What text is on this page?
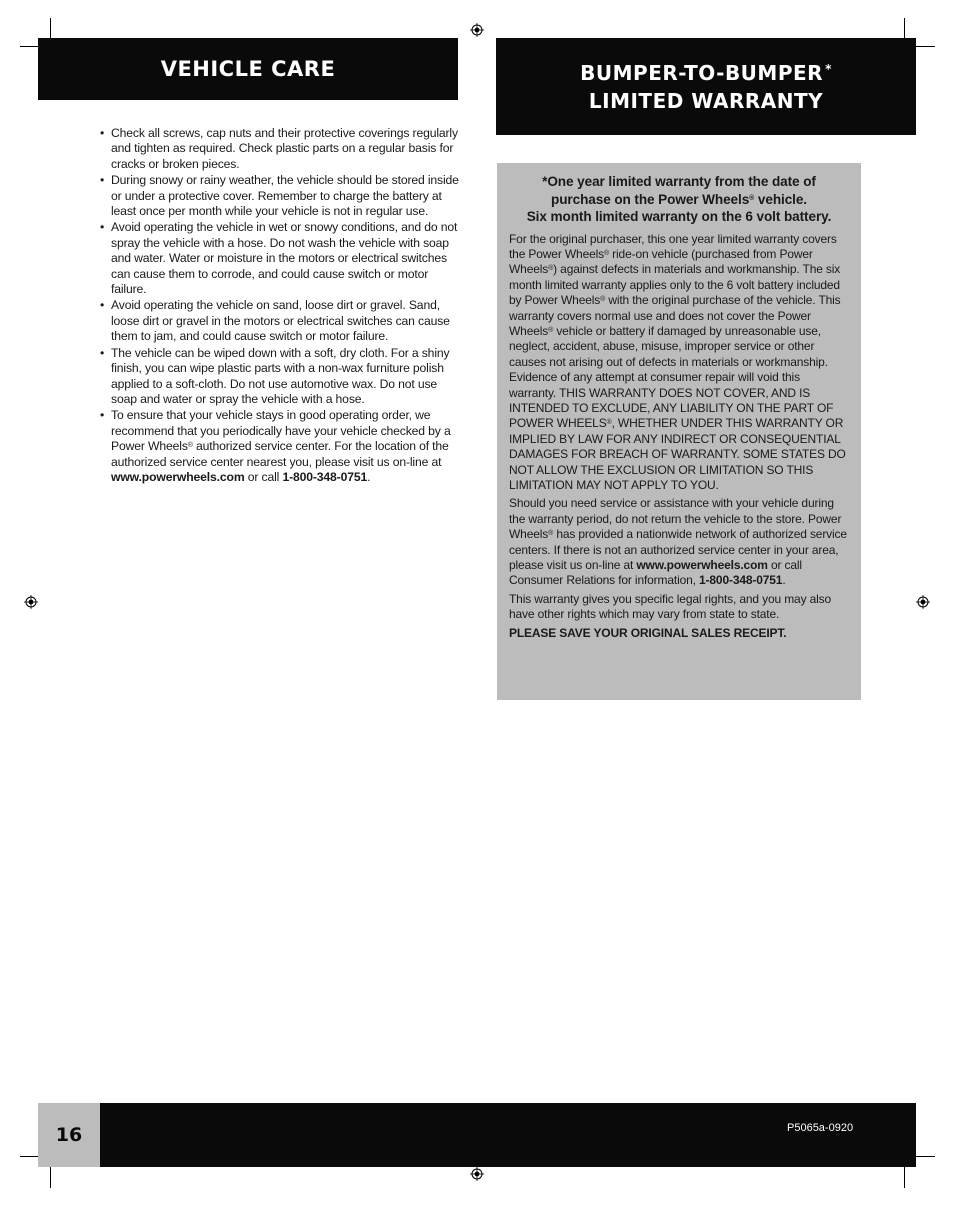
VEHICLE CARE	BUMPER-TO-BUMPER *
LIMITED WARRANTY
• Check all screws, cap nuts and their protective coverings regularly and tighten as required. Check plastic parts on a regular basis for cracks or broken pieces.
• During snowy or rainy weather, the vehicle should be stored inside or under a protective cover. Remember to charge the battery at least once per month while your vehicle is not in regular use.
• Avoid operating the vehicle in wet or snowy conditions, and do not spray the vehicle with a hose. Do not wash the vehicle with soap and water. Water or moisture in the motors or electrical switches can cause them to corrode, and could cause switch or motor failure.
• Avoid operating the vehicle on sand, loose dirt or gravel. Sand, loose dirt or gravel in the motors or electrical switches can cause them to jam, and could cause switch or motor failure.
• The vehicle can be wiped down with a soft, dry cloth. For a shiny finish, you can wipe plastic parts with a non-wax furniture polish applied to a soft-cloth. Do not use automotive wax. Do not use soap and water or spray the vehicle with a hose.
• To ensure that your vehicle stays in good operating order, we recommend that you periodically have your vehicle checked by a Power Wheels® authorized service center. For the location of the authorized service center nearest you, please visit us on-line at www.powerwheels.com or call 1-800-348-0751.
*One year limited warranty from the date of
purchase on the Power Wheels® vehicle.
Six month limited warranty on the 6 volt battery.

For the original purchaser, this one year limited warranty covers the Power Wheels® ride-on vehicle (purchased from Power Wheels®) against defects in materials and workmanship. The six month limited warranty applies only to the 6 volt battery included by Power Wheels® with the original purchase of the vehicle. This warranty covers normal use and does not cover the Power Wheels® vehicle or battery if damaged by unreasonable use, neglect, accident, abuse, misuse, improper service or other causes not arising out of defects in materials or workmanship. Evidence of any attempt at consumer repair will void this warranty. THIS WARRANTY DOES NOT COVER, AND IS INTENDED TO EXCLUDE, ANY LIABILITY ON THE PART OF POWER WHEELS®, WHETHER UNDER THIS WARRANTY OR IMPLIED BY LAW FOR ANY INDIRECT OR CONSEQUENTIAL DAMAGES FOR BREACH OF WARRANTY. SOME STATES DO NOT ALLOW THE EXCLUSION OR LIMITATION SO THIS LIMITATION MAY NOT APPLY TO YOU.

Should you need service or assistance with your vehicle during the warranty period, do not return the vehicle to the store. Power Wheels® has provided a nationwide network of authorized service centers. If there is not an authorized service center in your area, please visit us on-line at www.powerwheels.com or call Consumer Relations for information, 1-800-348-0751.

This warranty gives you specific legal rights, and you may also have other rights which may vary from state to state.

PLEASE SAVE YOUR ORIGINAL SALES RECEIPT.

16	P5065a-0920
